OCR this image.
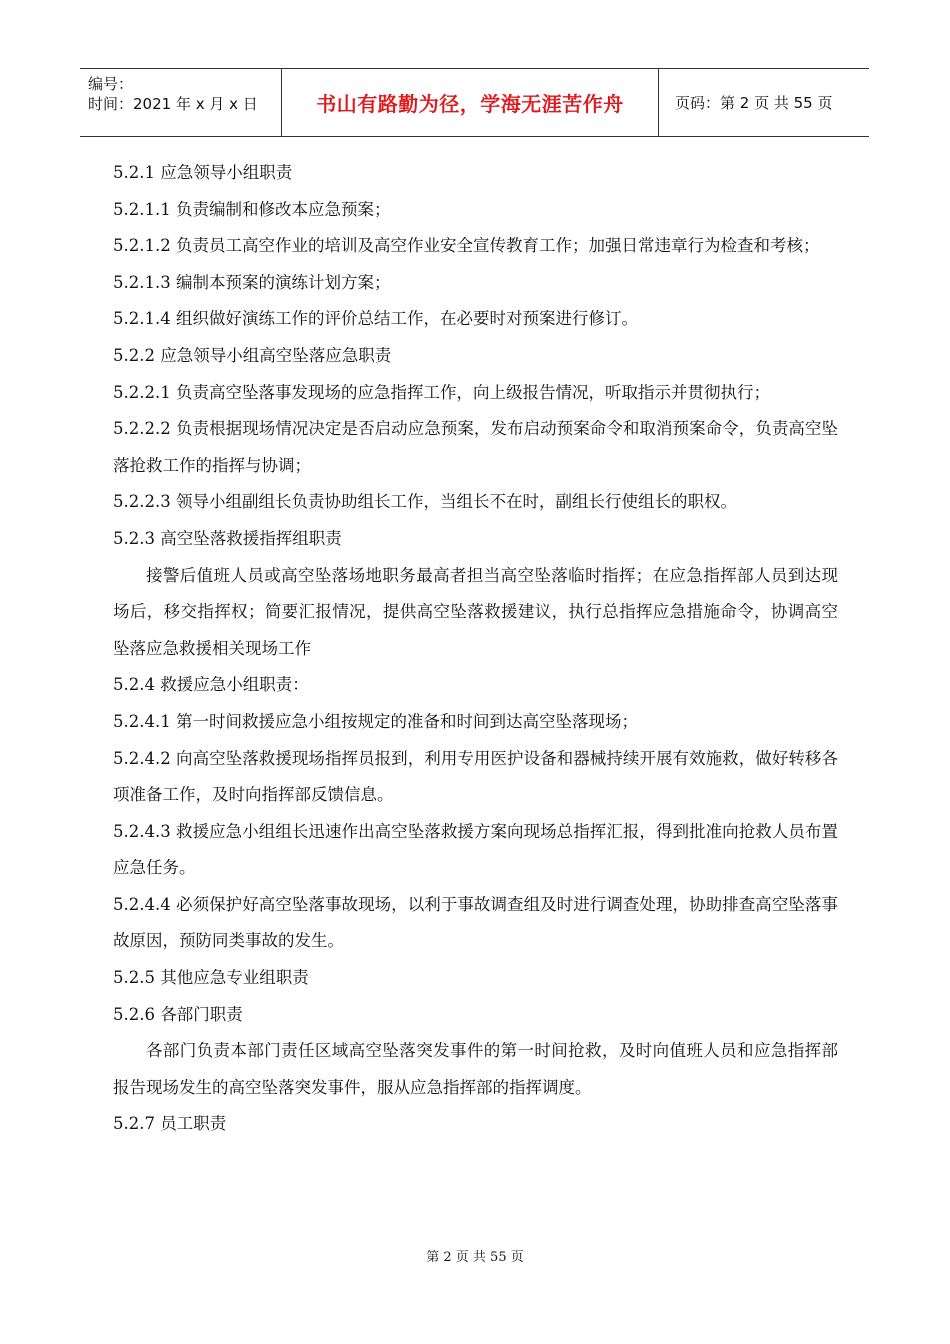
编号：
时间：2021 年 x 月 x 日	书山有路勤为径，学海无涯苦作舟	页码：第 2 页 共 55 页

5.2.1 应急领导小组职责

5.2.1.1 负责编制和修改本应急预案；

5.2.1.2 负责员工高空作业的培训及高空作业安全宣传教育工作；加强日常违章行为检查和考核；

5.2.1.3 编制本预案的演练计划方案；

5.2.1.4 组织做好演练工作的评价总结工作，在必要时对预案进行修订。

5.2.2 应急领导小组高空坠落应急职责

5.2.2.1 负责高空坠落事发现场的应急指挥工作，向上级报告情况，听取指示并贯彻执行；

5.2.2.2 负责根据现场情况决定是否启动应急预案，发布启动预案命令和取消预案命令，负责高空坠落抢救工作的指挥与协调；

5.2.2.3 领导小组副组长负责协助组长工作，当组长不在时，副组长行使组长的职权。

5.2.3 高空坠落救援指挥组职责

接警后值班人员或高空坠落场地职务最高者担当高空坠落临时指挥；在应急指挥部人员到达现场后，移交指挥权；简要汇报情况，提供高空坠落救援建议，执行总指挥应急措施命令，协调高空坠落应急救援相关现场工作

5.2.4 救援应急小组职责：

5.2.4.1 第一时间救援应急小组按规定的准备和时间到达高空坠落现场；

5.2.4.2 向高空坠落救援现场指挥员报到，利用专用医护设备和器械持续开展有效施救，做好转移各项准备工作，及时向指挥部反馈信息。

5.2.4.3 救援应急小组组长迅速作出高空坠落救援方案向现场总指挥汇报，得到批准向抢救人员布置应急任务。

5.2.4.4 必须保护好高空坠落事故现场，以利于事故调查组及时进行调查处理，协助排查高空坠落事故原因，预防同类事故的发生。

5.2.5 其他应急专业组职责

5.2.6 各部门职责

各部门负责本部门责任区域高空坠落突发事件的第一时间抢救，及时向值班人员和应急指挥部报告现场发生的高空坠落突发事件，服从应急指挥部的指挥调度。

5.2.7 员工职责

第 2 页 共 55 页
